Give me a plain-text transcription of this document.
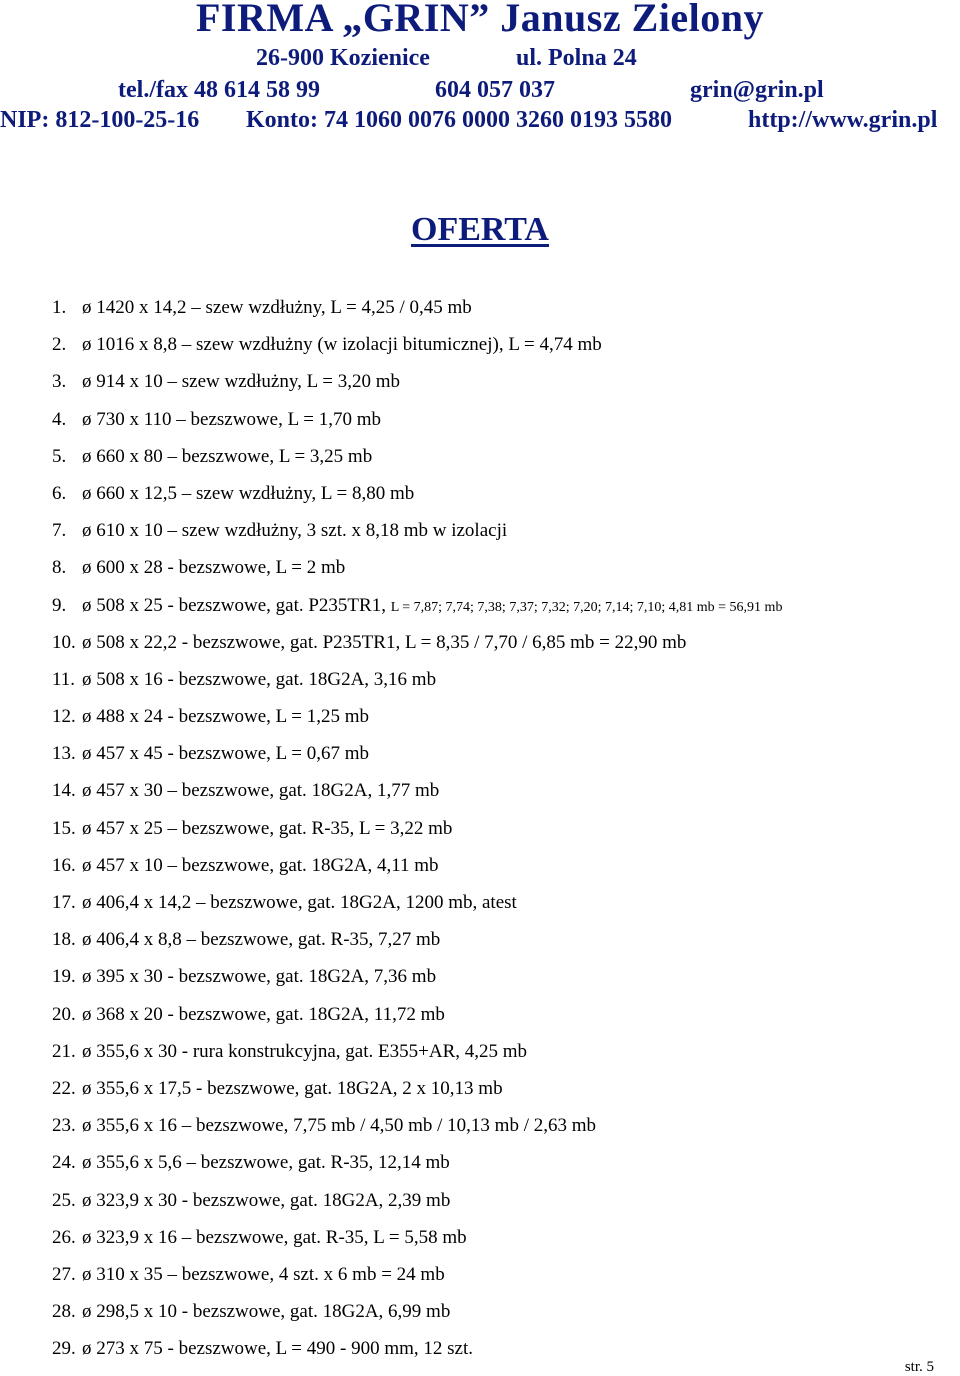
FIRMA „GRIN” Janusz Zielony
26-900 Kozienice	ul. Polna 24
tel./fax 48 614 58 99	604 057 037	grin@grin.pl
NIP: 812-100-25-16 Konto: 74 1060 0076 0000 3260 0193 5580	http://www.grin.pl
OFERTA
1. ø 1420 x 14,2 – szew wzdłużny, L = 4,25 / 0,45 mb
2. ø 1016 x 8,8 – szew wzdłużny (w izolacji bitumicznej), L = 4,74 mb
3. ø 914 x 10 – szew wzdłużny, L = 3,20 mb
4. ø 730 x 110 – bezszwowe, L = 1,70 mb
5. ø 660 x 80 – bezszwowe, L = 3,25 mb
6. ø 660 x 12,5 – szew wzdłużny, L = 8,80 mb
7. ø 610 x 10 – szew wzdłużny, 3 szt. x 8,18 mb w izolacji
8. ø 600 x 28 - bezszwowe, L = 2 mb
9. ø 508 x 25 - bezszwowe, gat. P235TR1, L = 7,87; 7,74; 7,38; 7,37; 7,32; 7,20; 7,14; 7,10; 4,81 mb = 56,91 mb
10. ø 508 x 22,2 - bezszwowe, gat. P235TR1, L = 8,35 / 7,70 / 6,85 mb = 22,90 mb
11. ø 508 x 16 - bezszwowe, gat. 18G2A, 3,16 mb
12. ø 488 x 24 - bezszwowe, L = 1,25 mb
13. ø 457 x 45 - bezszwowe, L = 0,67 mb
14. ø 457 x 30 – bezszwowe, gat. 18G2A, 1,77 mb
15. ø 457 x 25 – bezszwowe, gat. R-35, L = 3,22 mb
16. ø 457 x 10 – bezszwowe, gat. 18G2A, 4,11 mb
17. ø 406,4 x 14,2 – bezszwowe, gat. 18G2A, 1200 mb, atest
18. ø 406,4 x 8,8 – bezszwowe, gat. R-35, 7,27 mb
19. ø 395 x 30 - bezszwowe, gat. 18G2A, 7,36 mb
20. ø 368 x 20 - bezszwowe, gat. 18G2A, 11,72 mb
21. ø 355,6 x 30 - rura konstrukcyjna, gat. E355+AR, 4,25 mb
22. ø 355,6 x 17,5 - bezszwowe, gat. 18G2A, 2 x 10,13 mb
23. ø 355,6 x 16 – bezszwowe, 7,75 mb / 4,50 mb / 10,13 mb / 2,63 mb
24. ø 355,6 x 5,6 – bezszwowe, gat. R-35, 12,14 mb
25. ø 323,9 x 30 - bezszwowe, gat. 18G2A, 2,39 mb
26. ø 323,9 x 16 – bezszwowe, gat. R-35, L = 5,58 mb
27. ø 310 x 35 – bezszwowe, 4 szt. x 6 mb = 24 mb
28. ø 298,5 x 10 - bezszwowe, gat. 18G2A, 6,99 mb
29. ø 273 x 75 - bezszwowe, L = 490 - 900 mm, 12 szt.
str. 5
